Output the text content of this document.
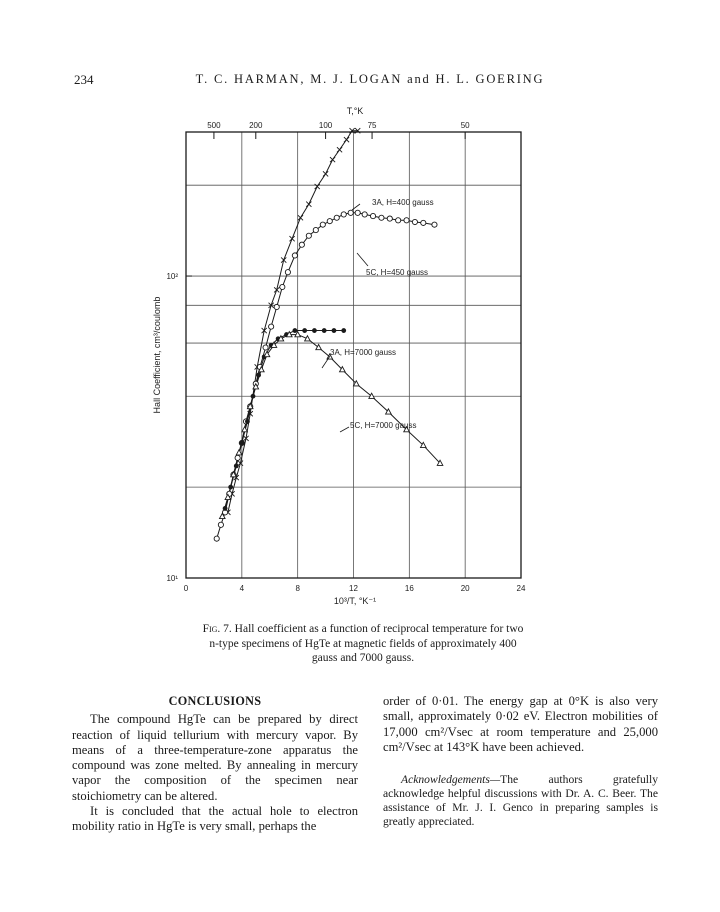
234	T. C. HARMAN, M. J. LOGAN and H. L. GOERING
0	4	8	12	16	20	24
10¹
10²
500	200	100	75	50
3A, H=400 gauss
5C, H=450 gauss
3A, H=7000 gauss
5C, H=7000 gauss
10³/T, °K⁻¹
T,°K
Hall Coefficient, cm³/coulomb
Fig. 7. Hall coefficient as a function of reciprocal temperature for two n-type specimens of HgTe at magnetic fields of approximately 400 gauss and 7000 gauss.

CONCLUSIONS

The compound HgTe can be prepared by direct reaction of liquid tellurium with mercury vapor. By means of a three-temperature-zone apparatus the compound was zone melted. By annealing in mercury vapor the composition of the specimen near stoichiometry can be altered.

It is concluded that the actual hole to electron mobility ratio in HgTe is very small, perhaps the

order of 0·01. The energy gap at 0°K is also very small, approximately 0·02 eV. Electron mobilities of 17,000 cm²/Vsec at room temperature and 25,000 cm²/Vsec at 143°K have been achieved.

Acknowledgements—The authors gratefully acknowledge helpful discussions with Dr. A. C. Beer. The assistance of Mr. J. I. Genco in preparing samples is greatly appreciated.
